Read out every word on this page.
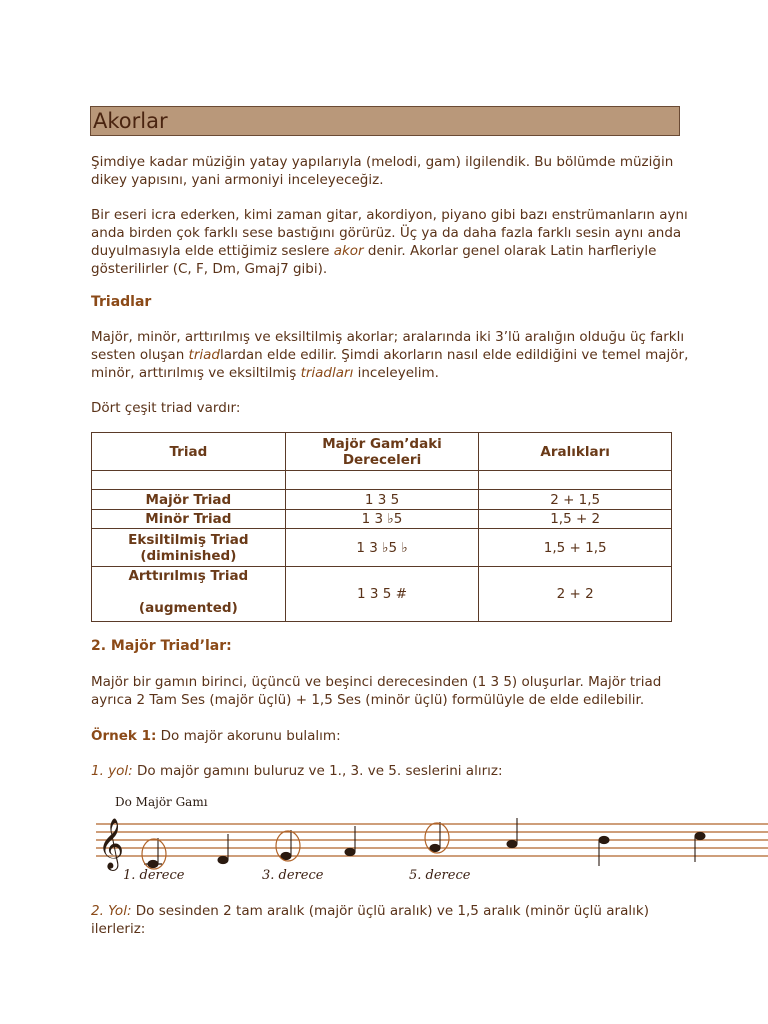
Akorlar

Şimdiye kadar müziğin yatay yapılarıyla (melodi, gam) ilgilendik. Bu bölümde müziğin dikey yapısını, yani armoniyi inceleyeceğiz.

Bir eseri icra ederken, kimi zaman gitar, akordiyon, piyano gibi bazı enstrümanların aynı anda birden çok farklı sese bastığını görürüz. Üç ya da daha fazla farklı sesin aynı anda duyulmasıyla elde ettiğimiz seslere akor denir. Akorlar genel olarak Latin harfleriyle gösterilirler (C, F, Dm, Gmaj7 gibi).

Triadlar

Majör, minör, arttırılmış ve eksiltilmiş akorlar; aralarında iki 3’lü aralığın olduğu üç farklı sesten oluşan triadlardan elde edilir. Şimdi akorların nasıl elde edildiğini ve temel majör, minör, arttırılmış ve eksiltilmiş triadları inceleyelim.

Dört çeşit triad vardır:

Triad	Majör Gam’daki Dereceleri	Aralıkları

Majör Triad	1 3 5	2 + 1,5
Minör Triad	1 3 ♭5	1,5 + 2
Eksiltilmiş Triad
(diminished)	1 3 ♭5 ♭	1,5 + 1,5
Arttırılmış Triad

(augmented)	1 3 5 #	2 + 2

2. Majör Triad’lar:

Majör bir gamın birinci, üçüncü ve beşinci derecesinden (1 3 5) oluşurlar. Majör triad ayrıca 2 Tam Ses (majör üçlü) + 1,5 Ses (minör üçlü) formülüyle de elde edilebilir.

Örnek 1: Do majör akorunu bulalım:

1. yol: Do majör gamını buluruz ve 1., 3. ve 5. seslerini alırız:

Do Majör Gamı
𝄞
1. derece	3. derece	5. derece

2. Yol: Do sesinden 2 tam aralık (majör üçlü aralık) ve 1,5 aralık (minör üçlü aralık) ilerleriz:
